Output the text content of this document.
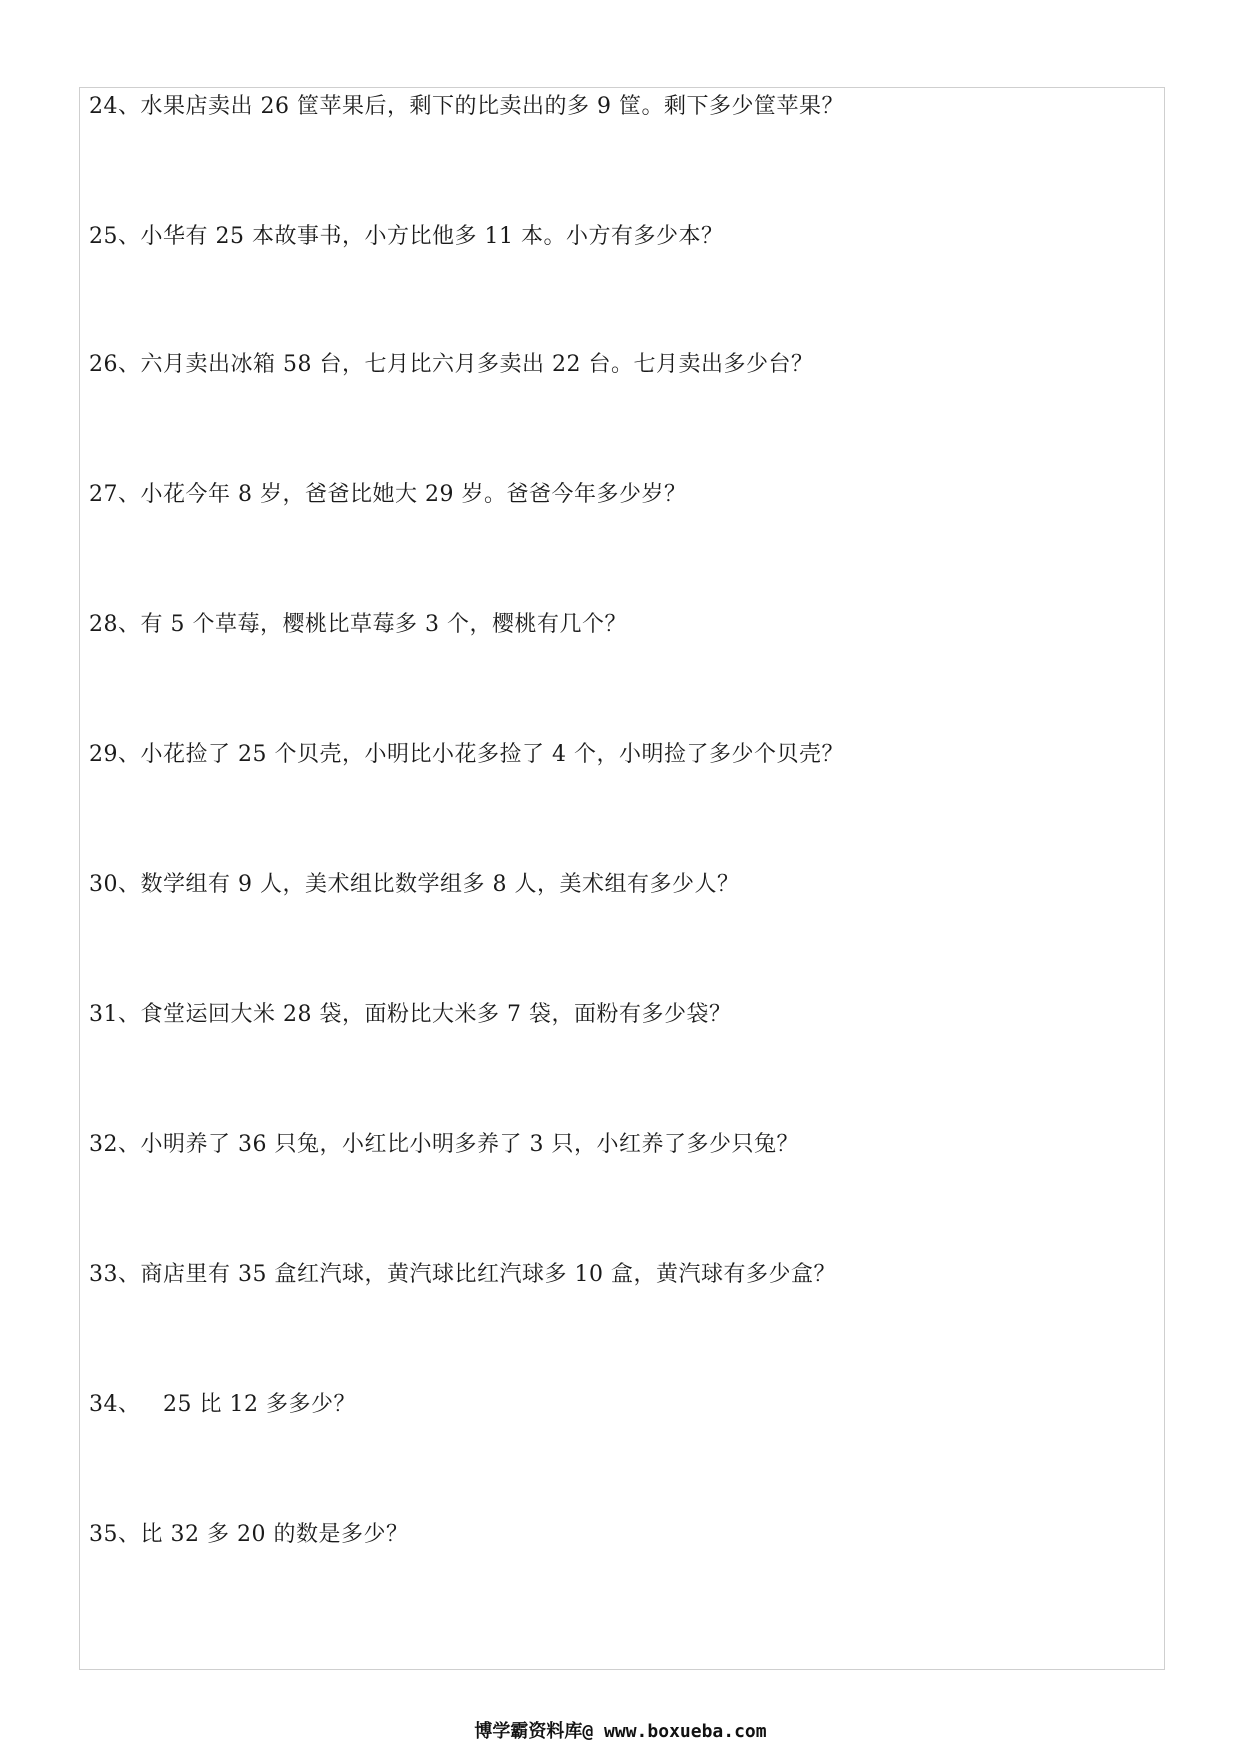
24、水果店卖出 26 筐苹果后，剩下的比卖出的多 9 筐。剩下多少筐苹果？
25、小华有 25 本故事书，小方比他多 11 本。小方有多少本？
26、六月卖出冰箱 58 台，七月比六月多卖出 22 台。七月卖出多少台？
27、小花今年 8 岁，爸爸比她大 29 岁。爸爸今年多少岁？
28、有 5 个草莓，樱桃比草莓多 3 个，樱桃有几个？
29、小花捡了 25 个贝壳，小明比小花多捡了 4 个，小明捡了多少个贝壳？
30、数学组有 9 人，美术组比数学组多 8 人，美术组有多少人？
31、食堂运回大米 28 袋，面粉比大米多 7 袋，面粉有多少袋？
32、小明养了 36 只兔，小红比小明多养了 3 只，小红养了多少只兔？
33、商店里有 35 盒红汽球，黄汽球比红汽球多 10 盒，黄汽球有多少盒？
34、   25 比 12 多多少？
35、比 32 多 20 的数是多少？
博学霸资料库@ www.boxueba.com
